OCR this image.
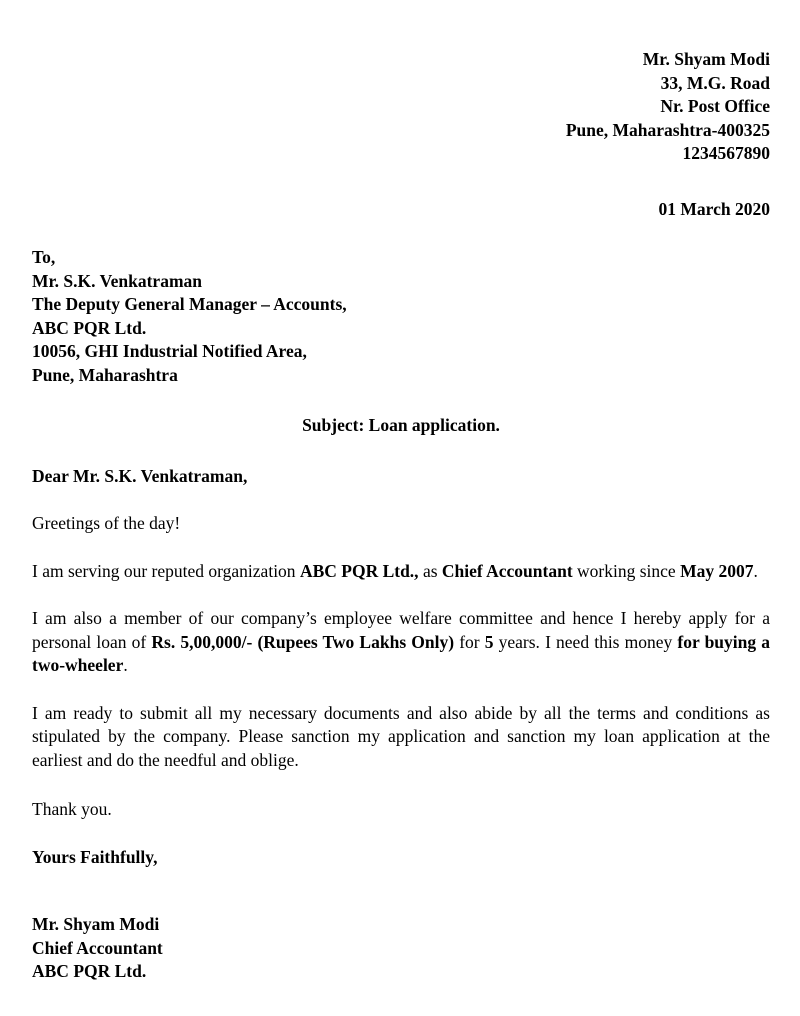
Mr. Shyam Modi
33, M.G. Road
Nr. Post Office
Pune, Maharashtra-400325
1234567890
01 March 2020
To,
Mr. S.K. Venkatraman
The Deputy General Manager – Accounts,
ABC PQR Ltd.
10056, GHI Industrial Notified Area,
Pune, Maharashtra
Subject: Loan application.
Dear Mr. S.K. Venkatraman,

Greetings of the day!

I am serving our reputed organization ABC PQR Ltd., as Chief Accountant working since May 2007.

I am also a member of our company’s employee welfare committee and hence I hereby apply for a personal loan of Rs. 5,00,000/- (Rupees Two Lakhs Only) for 5 years. I need this money for buying a two-wheeler.

I am ready to submit all my necessary documents and also abide by all the terms and conditions as stipulated by the company. Please sanction my application and sanction my loan application at the earliest and do the needful and oblige.

Thank you.
Yours Faithfully,
Mr. Shyam Modi
Chief Accountant
ABC PQR Ltd.
